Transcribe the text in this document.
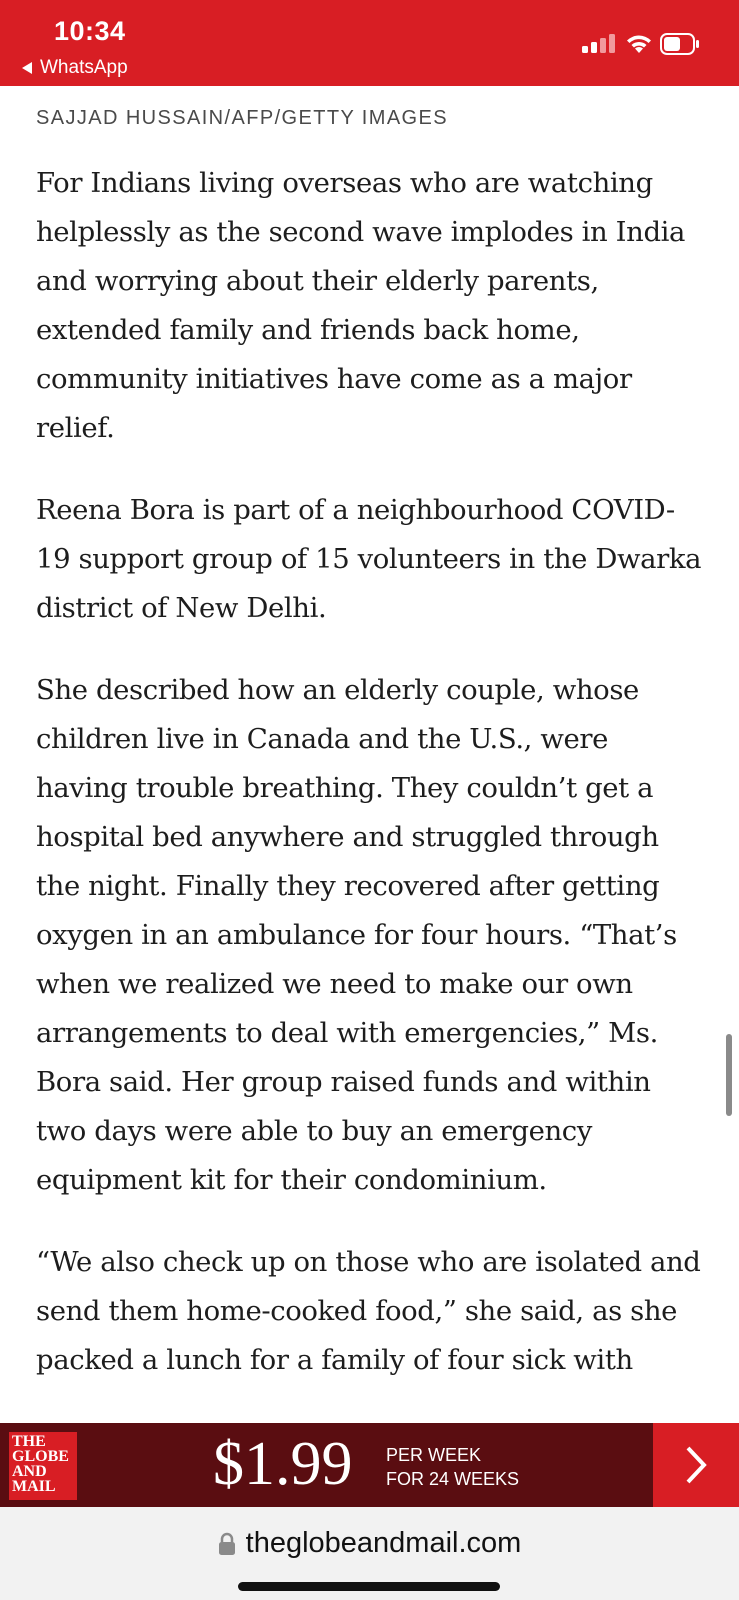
10:34
WhatsApp
SAJJAD HUSSAIN/AFP/GETTY IMAGES

For Indians living overseas who are watching helplessly as the second wave implodes in India and worrying about their elderly parents, extended family and friends back home, community initiatives have come as a major relief.

Reena Bora is part of a neighbourhood COVID-19 support group of 15 volunteers in the Dwarka district of New Delhi.

She described how an elderly couple, whose children live in Canada and the U.S., were having trouble breathing. They couldn’t get a hospital bed anywhere and struggled through the night. Finally they recovered after getting oxygen in an ambulance for four hours. “That’s when we realized we need to make our own arrangements to deal with emergencies,” Ms. Bora said. Her group raised funds and within two days were able to buy an emergency equipment kit for their condominium.

“We also check up on those who are isolated and send them home-cooked food,” she said, as she packed a lunch for a family of four sick with

THE
GLOBE
AND
MAIL	$1.99 PER WEEK
FOR 24 WEEKS
theglobeandmail.com
